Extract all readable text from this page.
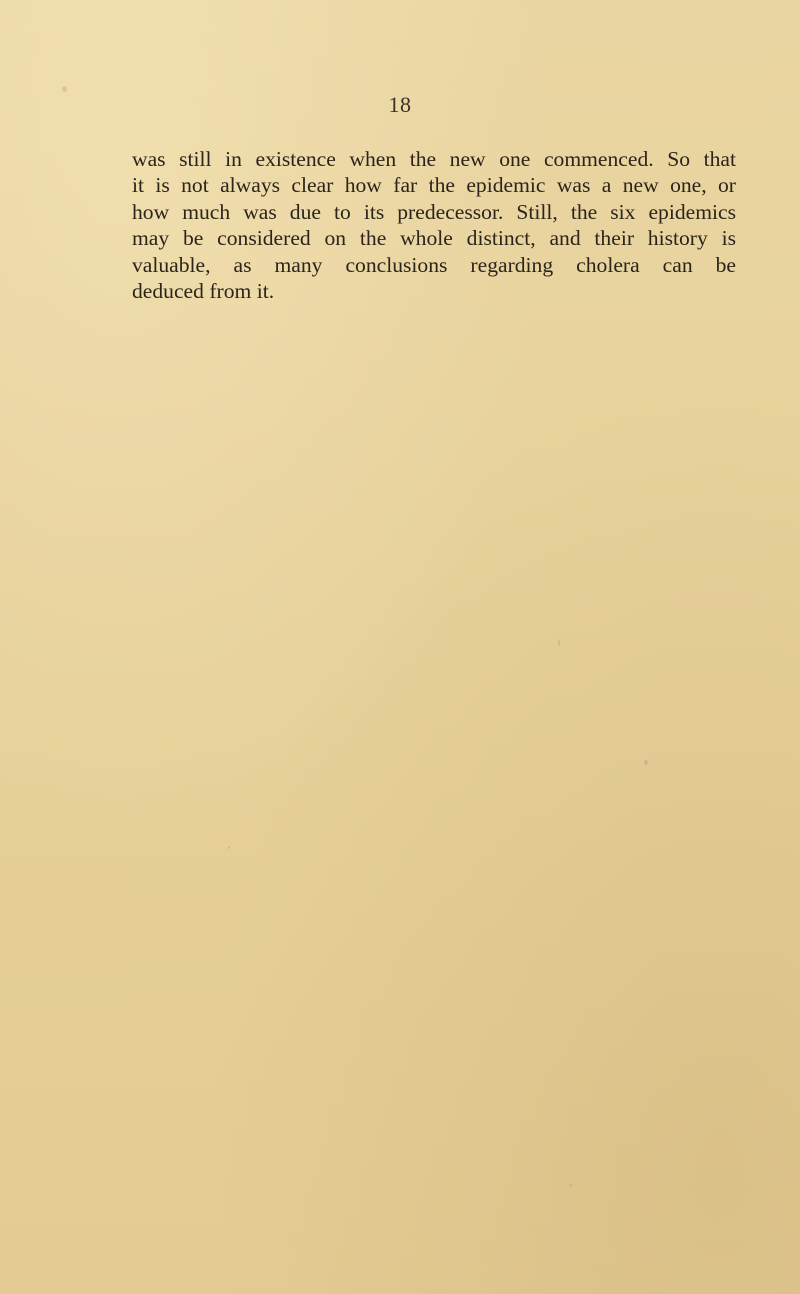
18

was still in existence when the new one commenced. So that
it is not always clear how far the epidemic was a new one, or
how much was due to its predecessor. Still, the six epidemics
may be considered on the whole distinct, and their history is
valuable, as many conclusions regarding cholera can be
deduced from it.
